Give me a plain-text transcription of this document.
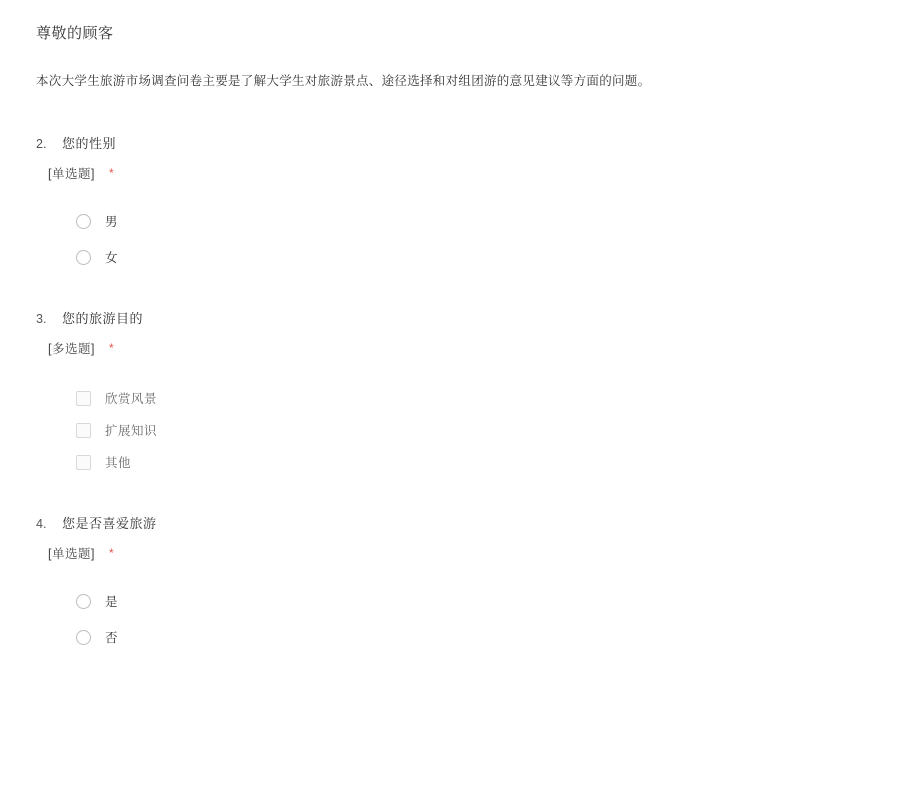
尊敬的顾客
本次大学生旅游市场调查问卷主要是了解大学生对旅游景点、途径选择和对组团游的意见建议等方面的问题。
2.	您的性别
[单选题] *
男
女
3.	您的旅游目的
[多选题] *
欣赏风景
扩展知识
其他
4.	您是否喜爱旅游
[单选题] *
是
否
